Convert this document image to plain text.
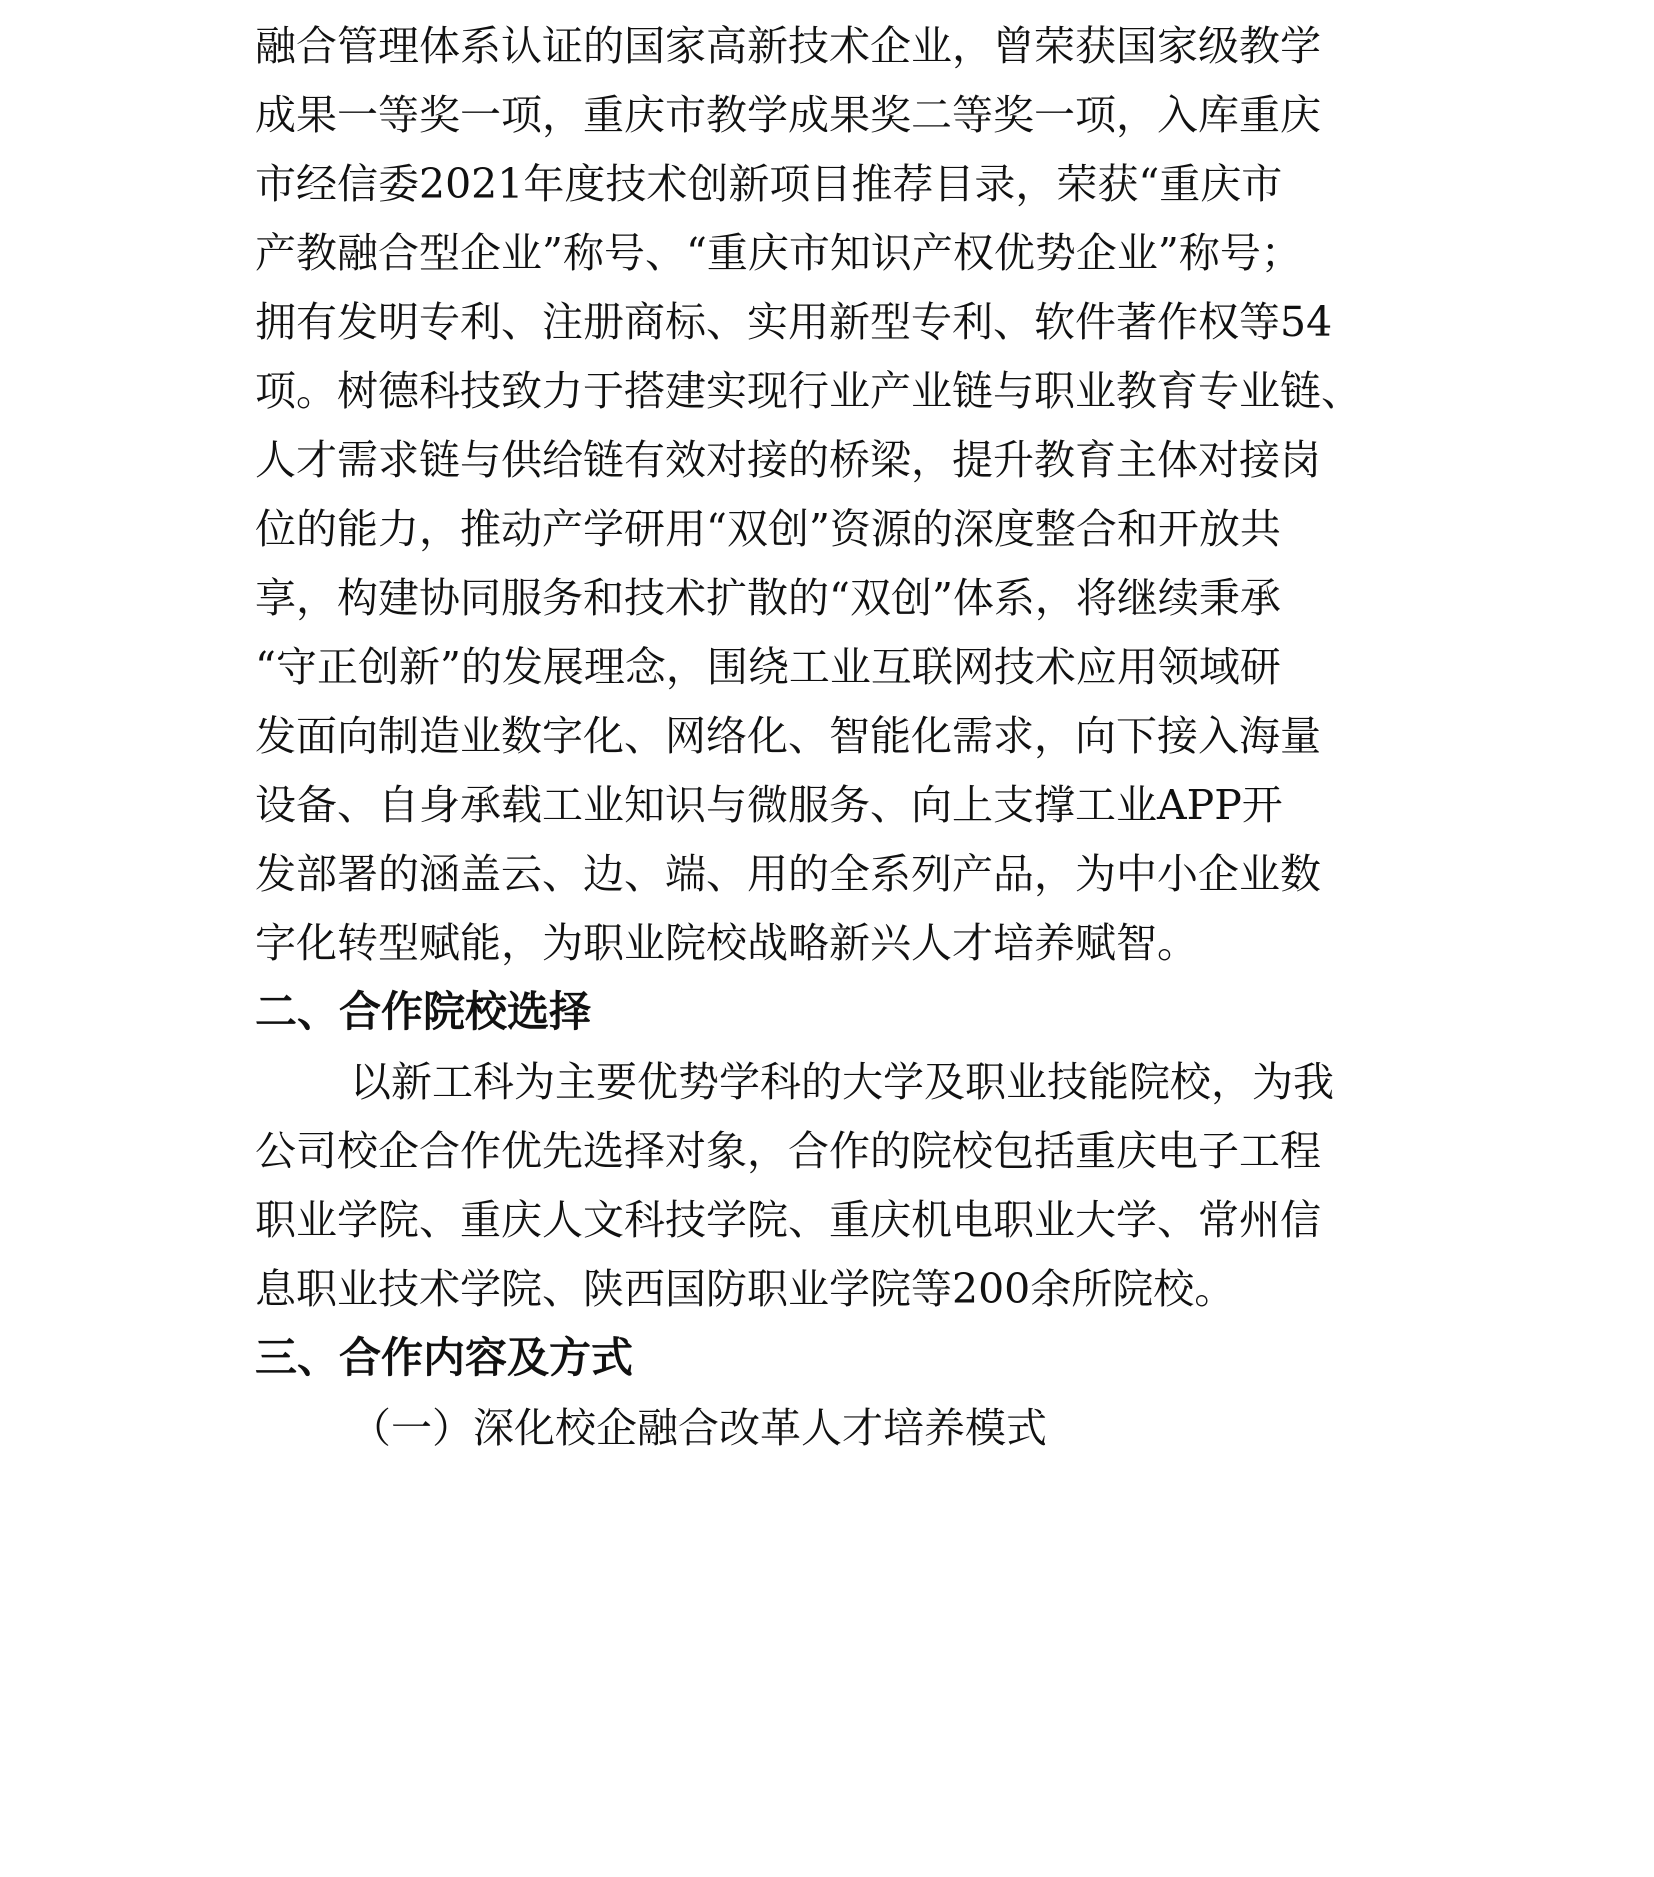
融合管理体系认证的国家高新技术企业，曾荣获国家级教学
成果一等奖一项，重庆市教学成果奖二等奖一项，入库重庆
市经信委2021年度技术创新项目推荐目录，荣获“重庆市
产教融合型企业”称号、“重庆市知识产权优势企业”称号；
拥有发明专利、注册商标、实用新型专利、软件著作权等54
项。树德科技致力于搭建实现行业产业链与职业教育专业链、
人才需求链与供给链有效对接的桥梁，提升教育主体对接岗
位的能力，推动产学研用“双创”资源的深度整合和开放共
享，构建协同服务和技术扩散的“双创”体系，将继续秉承
“守正创新”的发展理念，围绕工业互联网技术应用领域研
发面向制造业数字化、网络化、智能化需求，向下接入海量
设备、自身承载工业知识与微服务、向上支撑工业APP开
发部署的涵盖云、边、端、用的全系列产品，为中小企业数
字化转型赋能，为职业院校战略新兴人才培养赋智。
二、合作院校选择
以新工科为主要优势学科的大学及职业技能院校，为我
公司校企合作优先选择对象，合作的院校包括重庆电子工程
职业学院、重庆人文科技学院、重庆机电职业大学、常州信
息职业技术学院、陕西国防职业学院等200余所院校。
三、合作内容及方式
（一）深化校企融合改革人才培养模式
